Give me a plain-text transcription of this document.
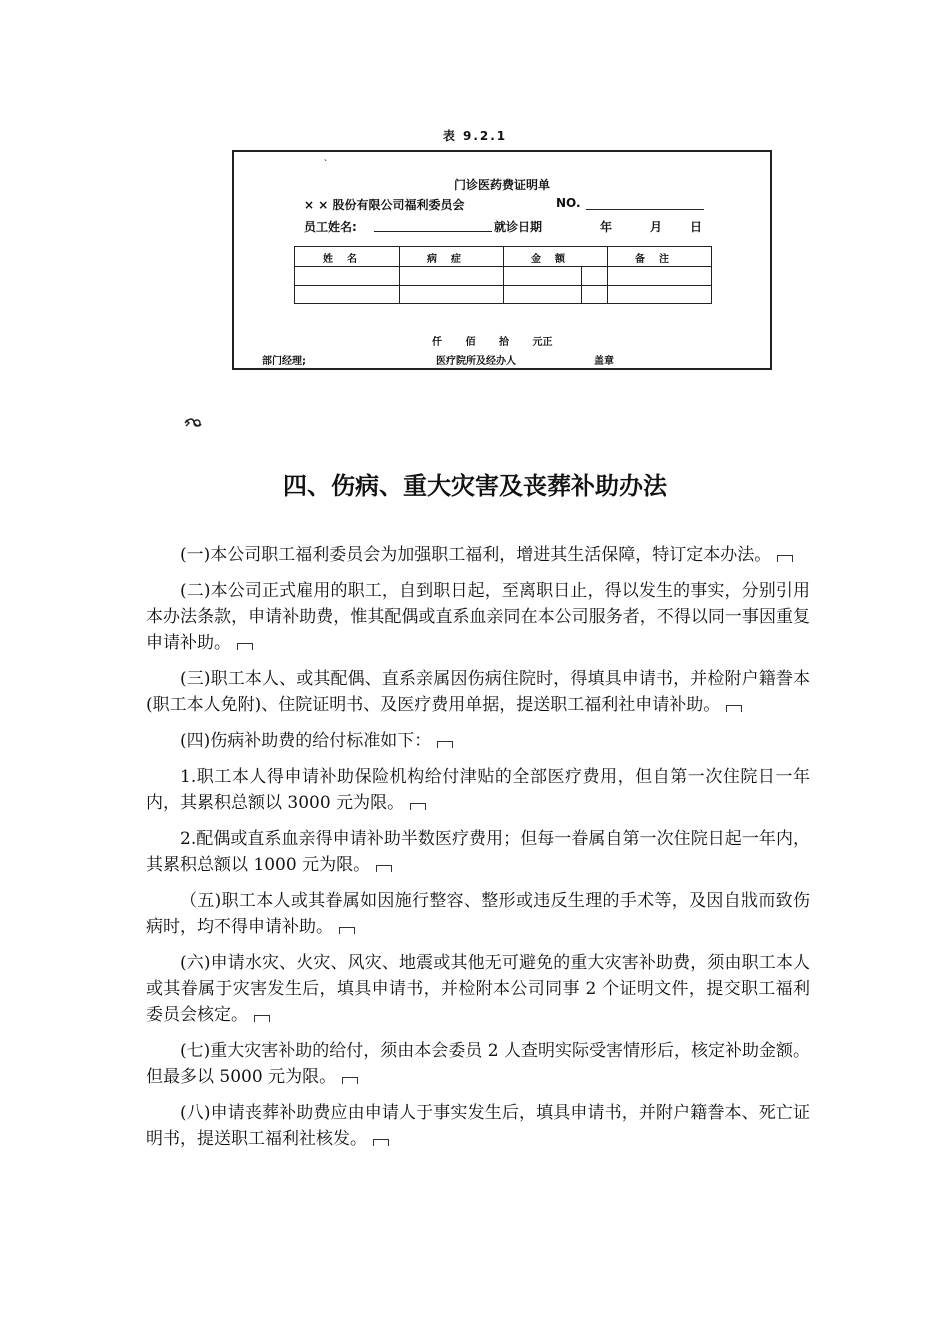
表 9.2.1
`
门诊医药费证明单
× × 股份有限公司福利委员会	NO.
员工姓名:	就诊日期	年	月 日
姓名	病症	金额	备注
仟 佰 拾 元正
部门经理;	医疗院所及经办人	盖章
四、伤病、重大灾害及丧葬补助办法

(一)本公司职工福利委员会为加强职工福利，增进其生活保障，特订定本办法。

(二)本公司正式雇用的职工，自到职日起，至离职日止，得以发生的事实，分别引用本办法条款，申请补助费，惟其配偶或直系血亲同在本公司服务者，不得以同一事因重复申请补助。

(三)职工本人、或其配偶、直系亲属因伤病住院时，得填具申请书，并检附户籍誊本(职工本人免附)、住院证明书、及医疗费用单据，提送职工福利社申请补助。

(四)伤病补助费的给付标准如下：

1.职工本人得申请补助保险机构给付津贴的全部医疗费用，但自第一次住院日一年内，其累积总额以 3000 元为限。

2.配偶或直系血亲得申请补助半数医疗费用；但每一眷属自第一次住院日起一年内，其累积总额以 1000 元为限。

（五)职工本人或其眷属如因施行整容、整形或违反生理的手术等，及因自戕而致伤病时，均不得申请补助。

(六)申请水灾、火灾、风灾、地震或其他无可避免的重大灾害补助费，须由职工本人或其眷属于灾害发生后，填具申请书，并检附本公司同事 2 个证明文件，提交职工福利委员会核定。

(七)重大灾害补助的给付，须由本会委员 2 人查明实际受害情形后，核定补助金额。但最多以 5000 元为限。

(八)申请丧葬补助费应由申请人于事实发生后，填具申请书，并附户籍誊本、死亡证明书，提送职工福利社核发。
